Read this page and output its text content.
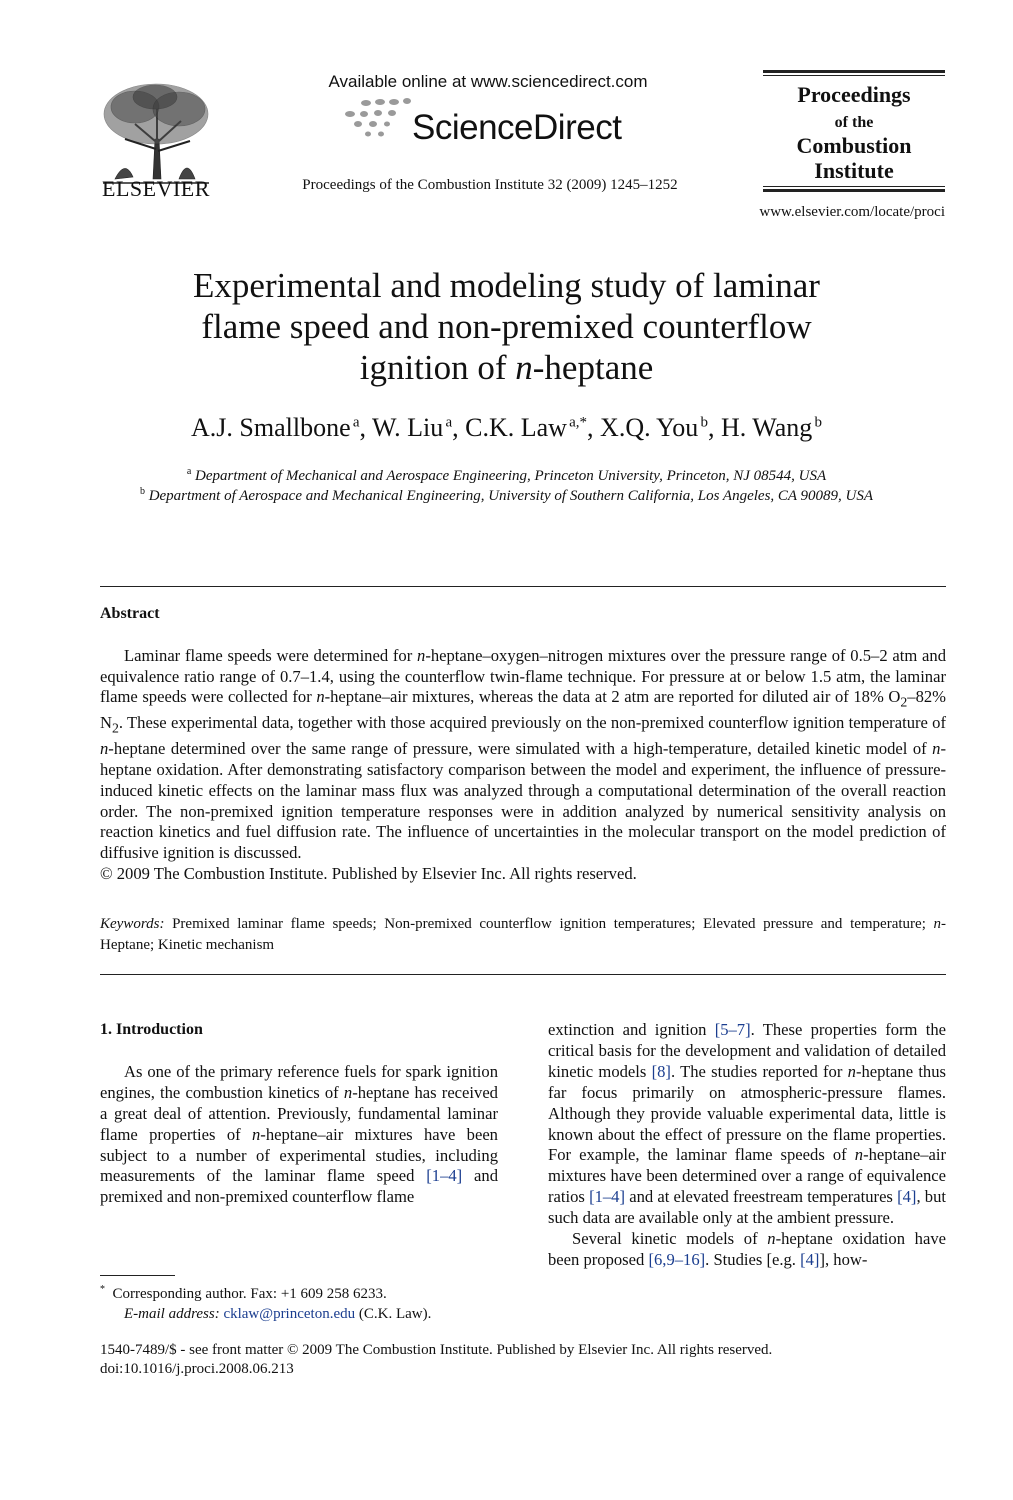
ELSEVIER
Available online at www.sciencedirect.com
ScienceDirect
Proceedings of the Combustion Institute 32 (2009) 1245–1252
Proceedings
of the
Combustion
Institute
www.elsevier.com/locate/proci
Experimental and modeling study of laminar
flame speed and non-premixed counterflow
ignition of n-heptane
A.J. Smallbone  $^a$, W. Liu  $^a$, C.K. Law  $^{a,*}$, X.Q. You  $^b$, H. Wang  $^b$
$^a$ Department of Mechanical and Aerospace Engineering, Princeton University, Princeton, NJ 08544, USA
$^b$ Department of Aerospace and Mechanical Engineering, University of Southern California, Los Angeles, CA 90089, USA
Abstract
Laminar flame speeds were determined for n-heptane–oxygen–nitrogen mixtures over the pressure range of 0.5–2 atm and equivalence ratio range of 0.7–1.4, using the counterflow twin-flame technique. For pressure at or below 1.5 atm, the laminar flame speeds were collected for n-heptane–air mixtures, whereas the data at 2 atm are reported for diluted air of 18% $O_2-82\%$ $N_2$. These experimental data, together with those acquired previously on the non-premixed counterflow ignition temperature of n-heptane determined over the same range of pressure, were simulated with a high-temperature, detailed kinetic model of n-heptane oxidation. After demonstrating satisfactory comparison between the model and experiment, the influence of pressure-induced kinetic effects on the laminar mass flux was analyzed through a computational determination of the overall reaction order. The non-premixed ignition temperature responses were in addition analyzed by numerical sensitivity analysis on reaction kinetics and fuel diffusion rate. The influence of uncertainties in the molecular transport on the model prediction of diffusive ignition is discussed.
© 2009 The Combustion Institute. Published by Elsevier Inc. All rights reserved.
Keywords: Premixed laminar flame speeds; Non-premixed counterflow ignition temperatures; Elevated pressure and temperature; n-Heptane; Kinetic mechanism
1. Introduction
As one of the primary reference fuels for spark ignition engines, the combustion kinetics of n-heptane has received a great deal of attention. Previously, fundamental laminar flame properties of n-heptane–air mixtures have been subject to a number of experimental studies, including measurements of the laminar flame speed [1–4] and premixed and non-premixed counterflow flame
extinction and ignition [5–7]. These properties form the critical basis for the development and validation of detailed kinetic models [8]. The studies reported for n-heptane thus far focus primarily on atmospheric-pressure flames. Although they provide valuable experimental data, little is known about the effect of pressure on the flame properties. For example, the laminar flame speeds of n-heptane–air mixtures have been determined over a range of equivalence ratios [1–4] and at elevated freestream temperatures [4], but such data are available only at the ambient pressure.
Several kinetic models of n-heptane oxidation have been proposed [6,9–16]. Studies [e.g. [4]], how-
* Corresponding author. Fax: +1 609 258 6233.
E-mail address: cklaw@princeton.edu (C.K. Law).
1540-7489/$ - see front matter © 2009 The Combustion Institute. Published by Elsevier Inc. All rights reserved.
doi:10.1016/j.proci.2008.06.213
